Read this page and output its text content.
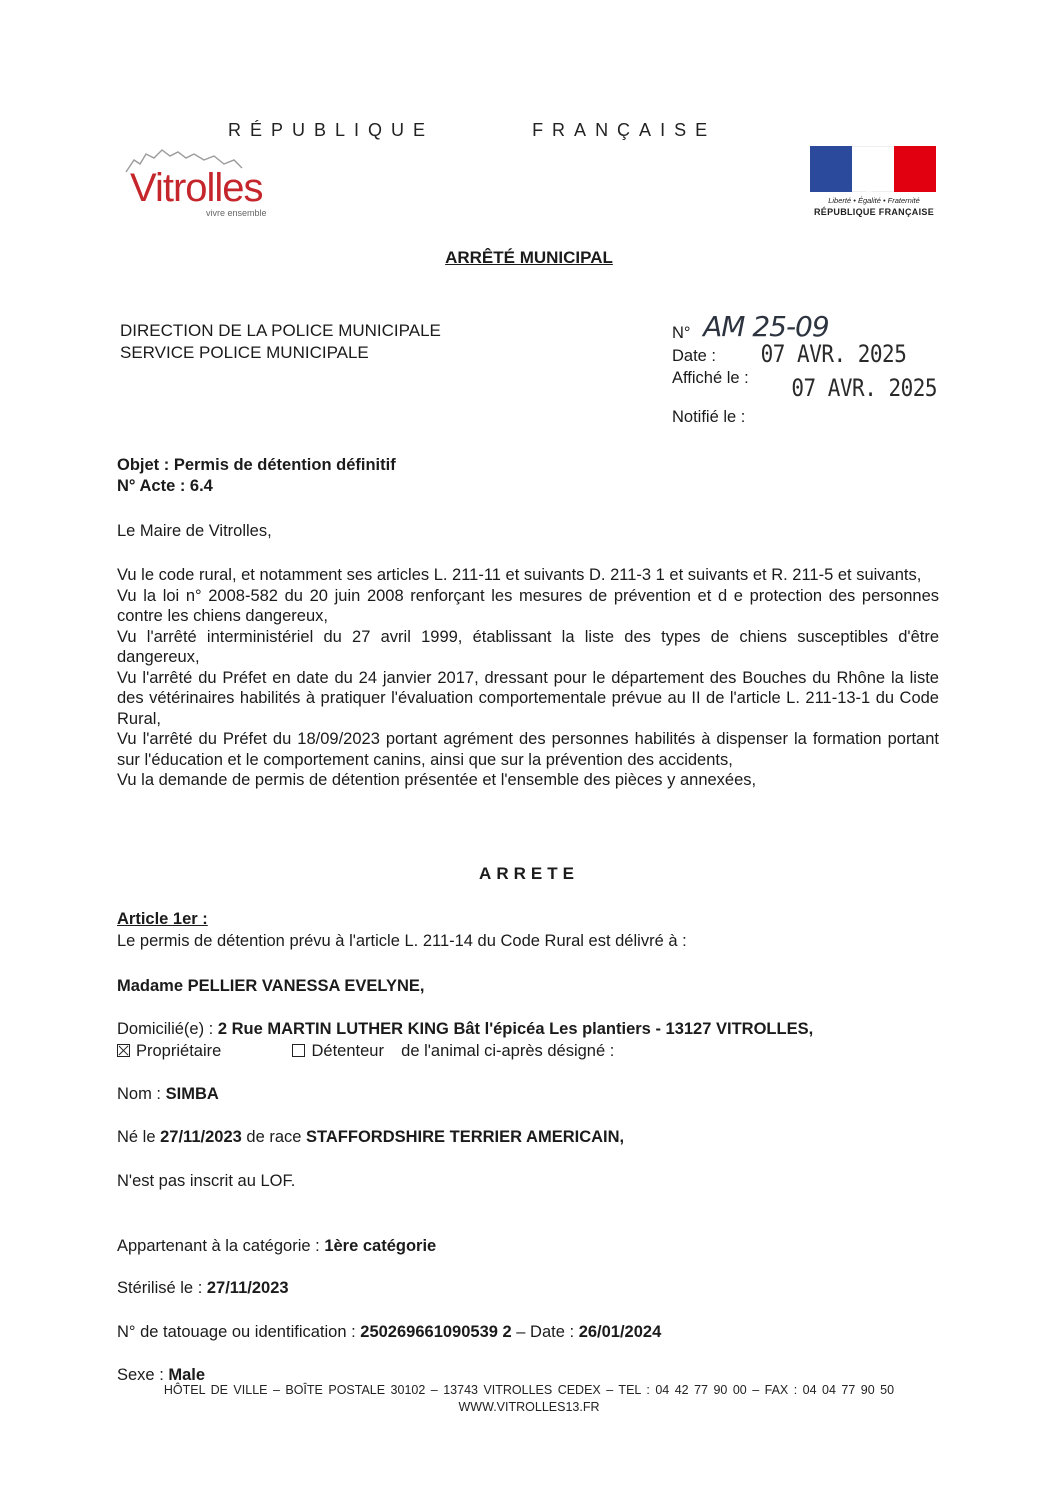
RÉPUBLIQUE	FRANÇAISE
Vitrolles
vivre ensemble
Liberté • Égalité • Fraternité
RÉPUBLIQUE FRANÇAISE
ARRÊTÉ MUNICIPAL
DIRECTION DE LA POLICE MUNICIPALE
SERVICE POLICE MUNICIPALE
N° AM 25-09
Date : 07 AVR. 2025
Affiché le : 07 AVR. 2025
Notifié le :
Objet : Permis de détention définitif
N° Acte : 6.4
Le Maire de Vitrolles,
Vu le code rural, et notamment ses articles L. 211-11 et suivants D. 211-3 1 et suivants et R. 211-5 et suivants,
Vu la loi n° 2008-582 du 20 juin 2008 renforçant les mesures de prévention et d e protection des personnes contre les chiens dangereux,
Vu l'arrêté interministériel du 27 avril 1999, établissant la liste des types de chiens susceptibles d'être dangereux,
Vu l'arrêté du Préfet en date du 24 janvier 2017, dressant pour le département des Bouches du Rhône la liste des vétérinaires habilités à pratiquer l'évaluation comportementale prévue au II de l'article L. 211-13-1 du Code Rural,
Vu l'arrêté du Préfet du 18/09/2023 portant agrément des personnes habilités à dispenser la formation portant sur l'éducation et le comportement canins, ainsi que sur la prévention des accidents,
Vu la demande de permis de détention présentée et l'ensemble des pièces y annexées,
ARRETE
Article 1er :
Le permis de détention prévu à l'article L. 211-14 du Code Rural est délivré à :
Madame PELLIER VANESSA EVELYNE,
Domicilié(e) : 2 Rue MARTIN LUTHER KING Bât l'épicéa Les plantiers - 13127 VITROLLES,
Propriétaire	Détenteur de l'animal ci-après désigné :
Nom : SIMBA
Né le 27/11/2023 de race STAFFORDSHIRE TERRIER AMERICAIN,
N'est pas inscrit au LOF.
Appartenant à la catégorie : 1ère catégorie
Stérilisé le : 27/11/2023
N° de tatouage ou identification : 250269661090539 2 – Date : 26/01/2024
Sexe : Male
HÔTEL DE VILLE – BOÎTE POSTALE 30102 – 13743 VITROLLES CEDEX – TEL : 04 42 77 90 00 – FAX : 04 04 77 90 50
WWW.VITROLLES13.FR
